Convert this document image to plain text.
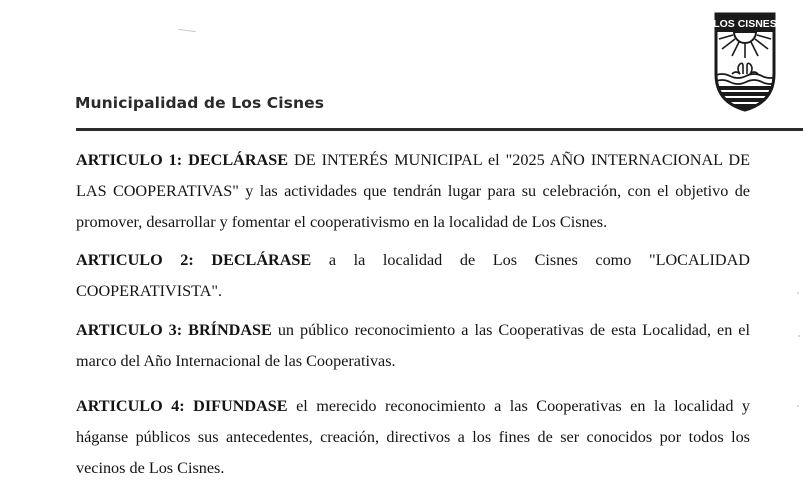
LOS CISNES
Municipalidad de Los Cisnes

ARTICULO 1: DECLÁRASE DE INTERÉS MUNICIPAL el "2025 AÑO INTERNACIONAL DE LAS COOPERATIVAS" y las actividades que tendrán lugar para su celebración, con el objetivo de promover, desarrollar y fomentar el cooperativismo en la localidad de Los Cisnes.

ARTICULO 2: DECLÁRASE a la localidad de Los Cisnes como "LOCALIDAD COOPERATIVISTA".

ARTICULO 3: BRÍNDASE un público reconocimiento a las Cooperativas de esta Localidad, en el marco del Año Internacional de las Cooperativas.

ARTICULO 4: DIFUNDASE el merecido reconocimiento a las Cooperativas en la localidad y háganse públicos sus antecedentes, creación, directivos a los fines de ser conocidos por todos los vecinos de Los Cisnes.
